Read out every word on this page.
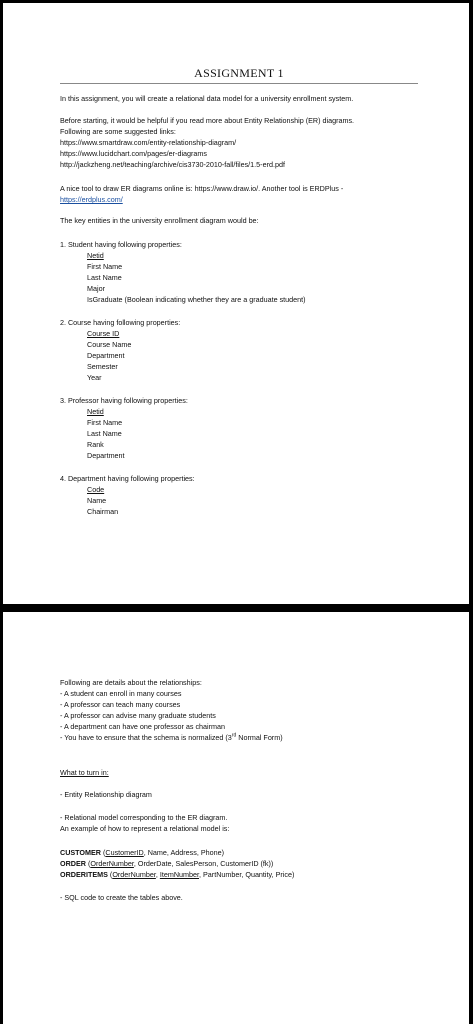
ASSIGNMENT 1
In this assignment, you will create a relational data model for a university enrollment system.
Before starting, it would be helpful if you read more about Entity Relationship (ER) diagrams.
Following are some suggested links:
https://www.smartdraw.com/entity-relationship-diagram/
https://www.lucidchart.com/pages/er-diagrams
http://jackzheng.net/teaching/archive/cis3730-2010-fall/files/1.5-erd.pdf
A nice tool to draw ER diagrams online is: https://www.draw.io/. Another tool is ERDPlus -
https://erdplus.com/
The key entities in the university enrollment diagram would be:
1. Student having following properties:
Netid
First Name
Last Name
Major
IsGraduate (Boolean indicating whether they are a graduate student)
2. Course having following properties:
Course ID
Course Name
Department
Semester
Year
3. Professor having following properties:
Netid
First Name
Last Name
Rank
Department
4. Department having following properties:
Code
Name
Chairman
Following are details about the relationships:
- A student can enroll in many courses
- A professor can teach many courses
- A professor can advise many graduate students
- A department can have one professor as chairman
- You have to ensure that the schema is normalized (3rd Normal Form)
What to turn in:
- Entity Relationship diagram
- Relational model corresponding to the ER diagram.
An example of how to represent a relational model is:
CUSTOMER (CustomerID, Name, Address, Phone)
ORDER (OrderNumber, OrderDate, SalesPerson, CustomerID (fk))
ORDERITEMS (OrderNumber, ItemNumber, PartNumber, Quantity, Price)
- SQL code to create the tables above.
